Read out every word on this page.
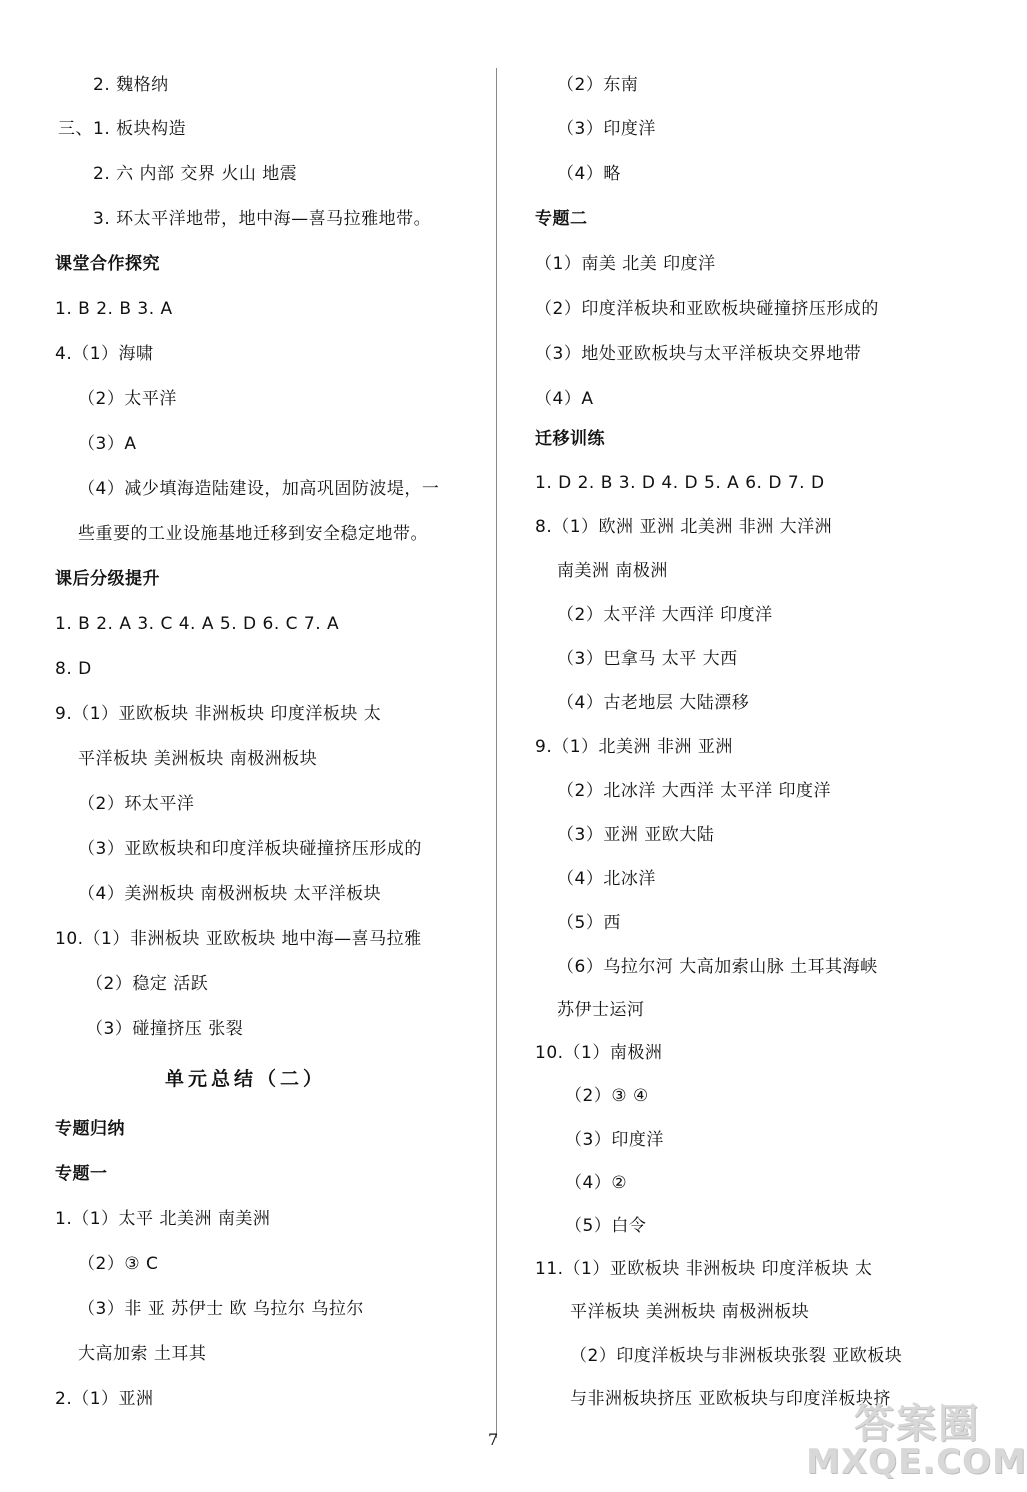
2. 魏格纳
三、1. 板块构造
2. 六 内部 交界 火山 地震
3. 环太平洋地带，地中海—喜马拉雅地带。
课堂合作探究
1. B 2. B 3. A
4.（1）海啸
（2）太平洋
（3）A
（4）减少填海造陆建设，加高巩固防波堤，一
些重要的工业设施基地迁移到安全稳定地带。
课后分级提升
1. B 2. A 3. C 4. A 5. D 6. C 7. A
8. D
9.（1）亚欧板块 非洲板块 印度洋板块 太
平洋板块 美洲板块 南极洲板块
（2）环太平洋
（3）亚欧板块和印度洋板块碰撞挤压形成的
（4）美洲板块 南极洲板块 太平洋板块
10.（1）非洲板块 亚欧板块 地中海—喜马拉雅
（2）稳定 活跃
（3）碰撞挤压 张裂
单元总结（二）
专题归纳
专题一
1.（1）太平 北美洲 南美洲
（2）③ C
（3）非 亚 苏伊士 欧 乌拉尔 乌拉尔
大高加索 土耳其
2.（1）亚洲
（2）东南
（3）印度洋
（4）略
专题二
（1）南美 北美 印度洋
（2）印度洋板块和亚欧板块碰撞挤压形成的
（3）地处亚欧板块与太平洋板块交界地带
（4）A
迁移训练
1. D 2. B 3. D 4. D 5. A 6. D 7. D
8.（1）欧洲 亚洲 北美洲 非洲 大洋洲
南美洲 南极洲
（2）太平洋 大西洋 印度洋
（3）巴拿马 太平 大西
（4）古老地层 大陆漂移
9.（1）北美洲 非洲 亚洲
（2）北冰洋 大西洋 太平洋 印度洋
（3）亚洲 亚欧大陆
（4）北冰洋
（5）西
（6）乌拉尔河 大高加索山脉 土耳其海峡
苏伊士运河
10.（1）南极洲
（2）③ ④
（3）印度洋
（4）②
（5）白令
11.（1）亚欧板块 非洲板块 印度洋板块 太
平洋板块 美洲板块 南极洲板块
（2）印度洋板块与非洲板块张裂 亚欧板块
与非洲板块挤压 亚欧板块与印度洋板块挤
7	答案圈
MXQE.COM
